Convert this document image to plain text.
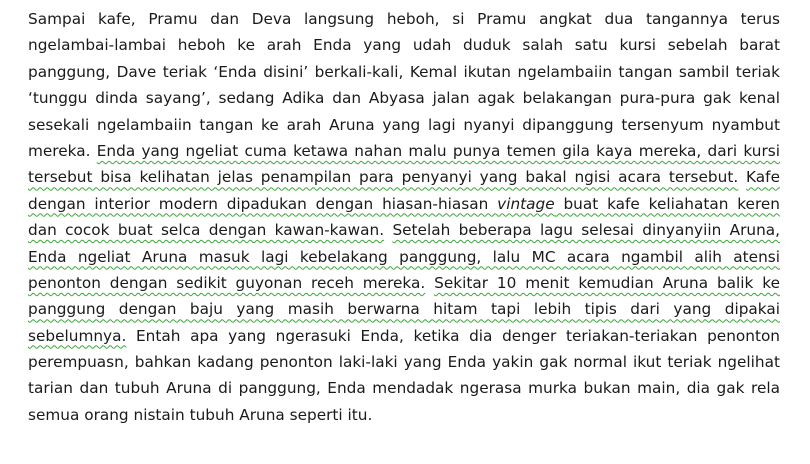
Sampai kafe, Pramu dan Deva langsung heboh, si Pramu angkat dua tangannya terus
ngelambai-lambai heboh ke arah Enda yang udah duduk salah satu kursi sebelah barat
panggung, Dave teriak ‘Enda disini’ berkali-kali, Kemal ikutan ngelambaiin tangan sambil teriak
‘tunggu dinda sayang’, sedang Adika dan Abyasa jalan agak belakangan pura-pura gak kenal
sesekali ngelambaiin tangan ke arah Aruna yang lagi nyanyi dipanggung tersenyum nyambut
mereka. Enda yang ngeliat cuma ketawa nahan malu punya temen gila kaya mereka, dari kursi
tersebut bisa kelihatan jelas penampilan para penyanyi yang bakal ngisi acara tersebut. Kafe
dengan interior modern dipadukan dengan hiasan-hiasan vintage buat kafe keliahatan keren
dan cocok buat selca dengan kawan-kawan. Setelah beberapa lagu selesai dinyanyiin Aruna,
Enda ngeliat Aruna masuk lagi kebelakang panggung, lalu MC acara ngambil alih atensi
penonton dengan sedikit guyonan receh mereka. Sekitar 10 menit kemudian Aruna balik ke
panggung dengan baju yang masih berwarna hitam tapi lebih tipis dari yang dipakai
sebelumnya. Entah apa yang ngerasuki Enda, ketika dia denger teriakan-teriakan penonton
perempuasn, bahkan kadang penonton laki-laki yang Enda yakin gak normal ikut teriak ngelihat
tarian dan tubuh Aruna di panggung, Enda mendadak ngerasa murka bukan main, dia gak rela
semua orang nistain tubuh Aruna seperti itu.
